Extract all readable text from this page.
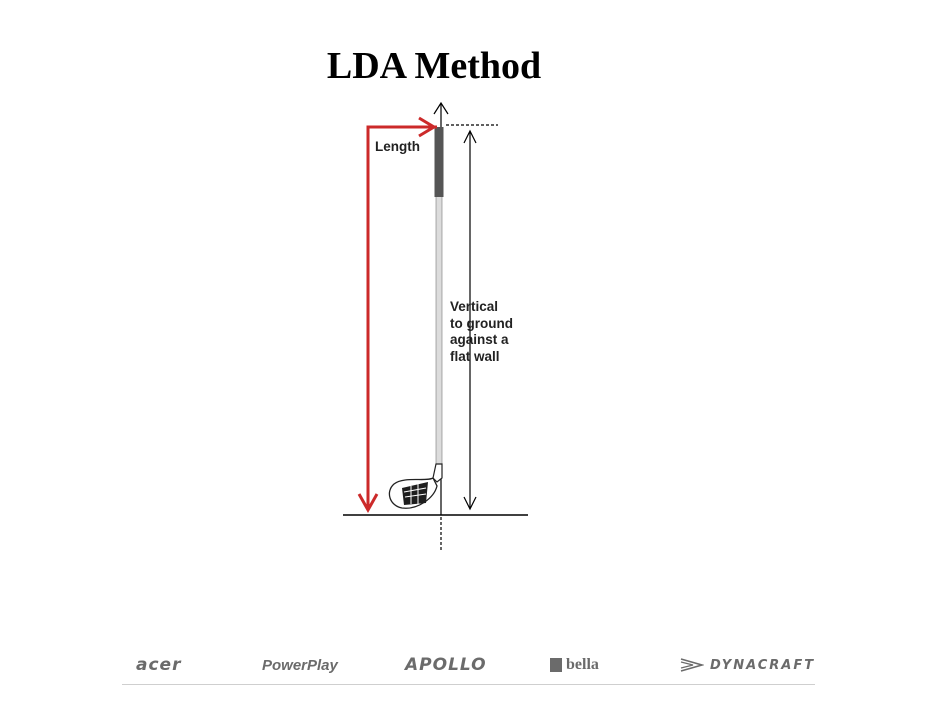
LDA Method
Length
Vertical
to ground
against a
flat wall
acer	PowerPlay	APOLLO	bella	DYNACRAFT
